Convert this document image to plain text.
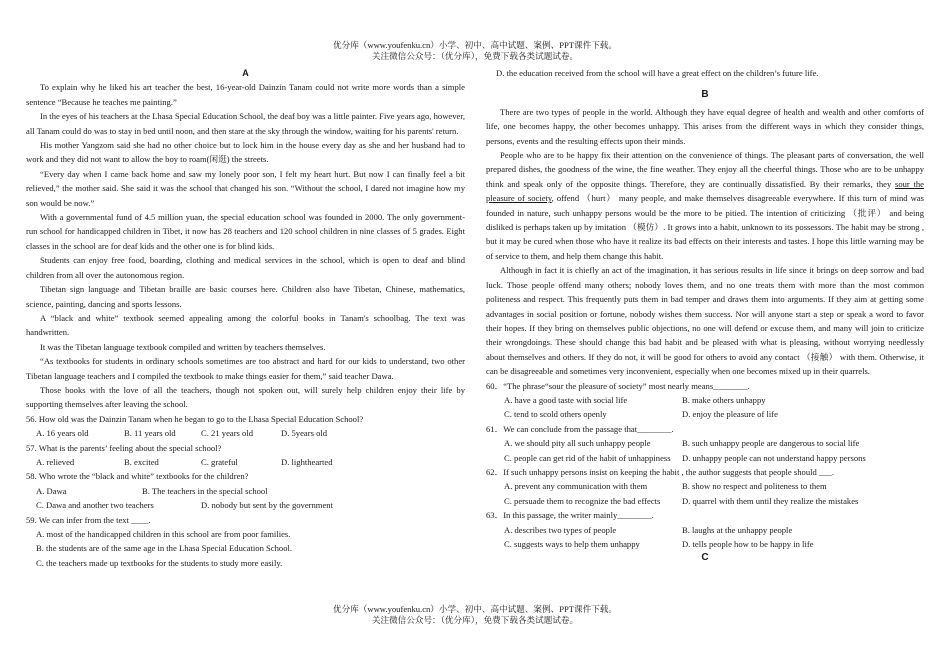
优分库（www.youfenku.cn）小学、初中、高中试题、案例、PPT课件下载。
关注微信公众号：（优分库），免费下载各类试题试卷。

A

To explain why he liked his art teacher the best, 16-year-old Dainzin Tanam could not write more words than a simple sentence “Because he teaches me painting.”

In the eyes of his teachers at the Lhasa Special Education School, the deaf boy was a little painter. Five years ago, however, all Tanam could do was to stay in bed until noon, and then stare at the sky through the window, waiting for his parents' return.

His mother Yangzom said she had no other choice but to lock him in the house every day as she and her husband had to work and they did not want to allow the boy to roam(闲逛) the streets.

“Every day when I came back home and saw my lonely poor son, I felt my heart hurt. But now I can finally feel a bit relieved,” the mother said. She said it was the school that changed his son. “Without the school, I dared not imagine how my son would be now.”

With a governmental fund of 4.5 million yuan, the special education school was founded in 2000. The only government-run school for handicapped children in Tibet, it now has 28 teachers and 120 school children in nine classes of 5 grades. Eight classes in the school are for deaf kids and the other one is for blind kids.

Students can enjoy free food, boarding, clothing and medical services in the school, which is open to deaf and blind children from all over the autonomous region.

Tibetan sign language and Tibetan braille are basic courses here. Children also have Tibetan, Chinese, mathematics, science, painting, dancing and sports lessons.

A “black and white” textbook seemed appealing among the colorful books in Tanam's schoolbag. The text was handwritten.

It was the Tibetan language textbook compiled and written by teachers themselves.

“As textbooks for students in ordinary schools sometimes are too abstract and hard for our kids to understand, two other Tibetan language teachers and I compiled the textbook to make things easier for them,” said teacher Dawa.

Those books with the love of all the teachers, though not spoken out, will surely help children enjoy their life by supporting themselves after leaving the school.

56. How old was the Dainzin Tanam when he began to go to the Lhasa Special Education School?

A. 16 years old	B. 11 years old	C. 21 years old	D. 5years old

57. What is the parents’ feeling about the special school?

A. relieved	B. excited	C. grateful	D. lighthearted

58. Who wrote the “black and white” textbooks for the children?

A. Dawa	B. The teachers in the special school
C. Dawa and another two teachers	D. nobody but sent by the government

59. We can infer from the text ____.

A. most of the handicapped children in this school are from poor families.

B. the students are of the same age in the Lhasa Special Education School.

C. the teachers made up textbooks for the students to study more easily.

D. the education received from the school will have a great effect on the children’s future life.

B

There are two types of people in the world. Although they have equal degree of health and wealth and other comforts of life, one becomes happy, the other becomes unhappy. This arises from the different ways in which they consider things, persons, events and the resulting effects upon their minds.

People who are to be happy fix their attention on the convenience of things. The pleasant parts of conversation, the well prepared dishes, the goodness of the wine, the fine weather. They enjoy all the cheerful things. Those who are to be unhappy think and speak only of the opposite things. Therefore, they are continually dissatisfied. By their remarks, they sour the pleasure of society, offend （hurt） many people, and make themselves disagreeable everywhere. If this turn of mind was founded in nature, such unhappy persons would be the more to be pitied. The intention of criticizing （批评） and being disliked is perhaps taken up by imitation （模仿）. It grows into a habit, unknown to its possessors. The habit may be strong , but it may be cured when those who have it realize its bad effects on their interests and tastes. I hope this little warning may be of service to them, and help them change this habit.

Although in fact it is chiefly an act of the imagination, it has serious results in life since it brings on deep sorrow and bad luck. Those people offend many others; nobody loves them, and no one treats them with more than the most common politeness and respect. This frequently puts them in bad temper and draws them into arguments. If they aim at getting some advantages in social position or fortune, nobody wishes them success. Nor will anyone start a step or speak a word to favor their hopes. If they bring on themselves public objections, no one will defend or excuse them, and many will join to criticize their wrongdoings. These should change this bad habit and be pleased with what is pleasing, without worrying needlessly about themselves and others. If they do not, it will be good for others to avoid any contact （接触） with them. Otherwise, it can be disagreeable and sometimes very inconvenient, especially when one becomes mixed up in their quarrels.

60．“The phrase“sour the pleasure of society” most nearly means________.

A. have a good taste with social life	B. make others unhappy
C. tend to scold others openly	D. enjoy the pleasure of life

61．We can conclude from the passage that________.

A. we should pity all such unhappy people	B. such unhappy people are dangerous to social life
C. people can get rid of the habit of unhappiness	D. unhappy people can not understand happy persons

62．If such unhappy persons insist on keeping the habit , the author suggests that people should ___.

A. prevent any communication with them	B. show no respect and politeness to them
C. persuade them to recognize the bad effects	D. quarrel with them until they realize the mistakes

63．In this passage, the writer mainly________.

A. describes two types of people	B. laughs at the unhappy people
C. suggests ways to help them unhappy	D. tells people how to be happy in life

C

优分库（www.youfenku.cn）小学、初中、高中试题、案例、PPT课件下载。
关注微信公众号：（优分库），免费下载各类试题试卷。
